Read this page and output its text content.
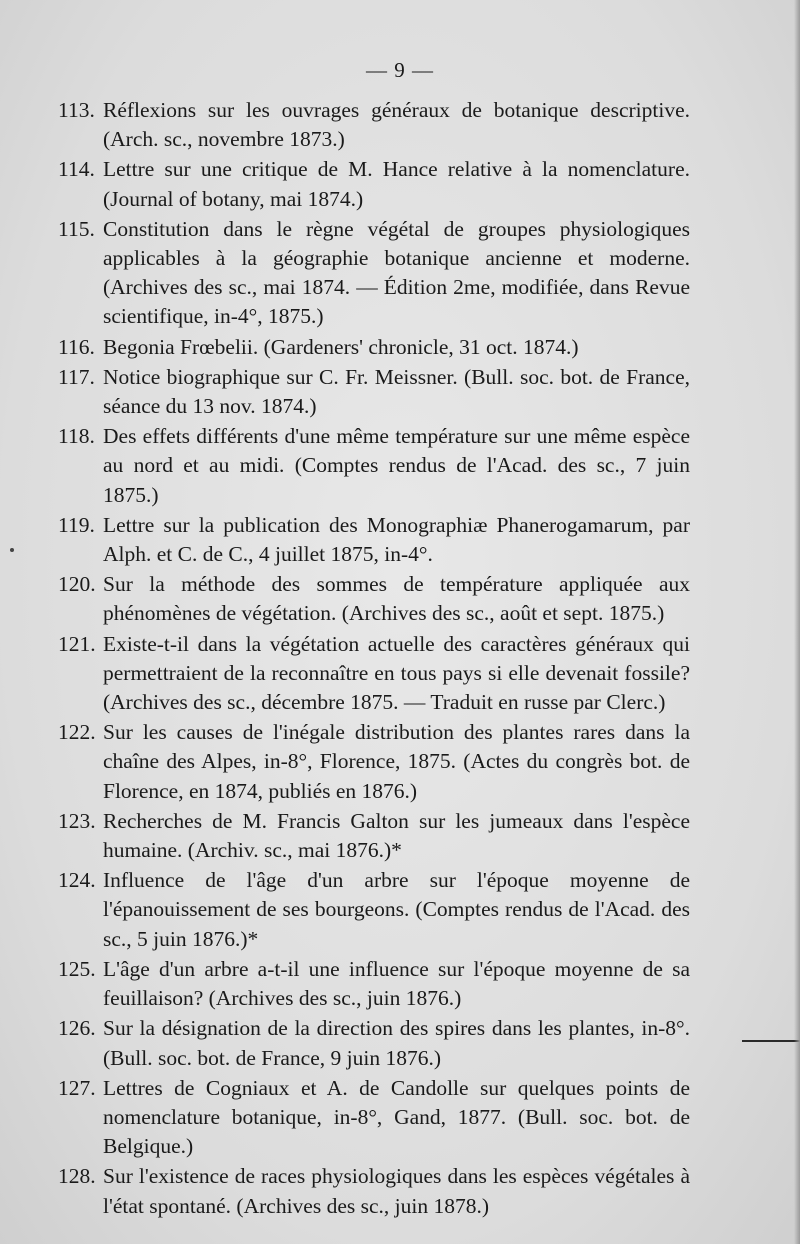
— 9 —
113. Réflexions sur les ouvrages généraux de botanique descriptive. (Arch. sc., novembre 1873.)
114. Lettre sur une critique de M. Hance relative à la nomenclature. (Journal of botany, mai 1874.)
115. Constitution dans le règne végétal de groupes physiologiques applicables à la géographie botanique ancienne et moderne. (Archives des sc., mai 1874. — Édition 2me, modifiée, dans Revue scientifique, in-4°, 1875.)
116. Begonia Frœbelii. (Gardeners' chronicle, 31 oct. 1874.)
117. Notice biographique sur C. Fr. Meissner. (Bull. soc. bot. de France, séance du 13 nov. 1874.)
118. Des effets différents d'une même température sur une même espèce au nord et au midi. (Comptes rendus de l'Acad. des sc., 7 juin 1875.)
119. Lettre sur la publication des Monographiæ Phanerogamarum, par Alph. et C. de C., 4 juillet 1875, in-4°.
120. Sur la méthode des sommes de température appliquée aux phénomènes de végétation. (Archives des sc., août et sept. 1875.)
121. Existe-t-il dans la végétation actuelle des caractères généraux qui permettraient de la reconnaître en tous pays si elle devenait fossile? (Archives des sc., décembre 1875. — Traduit en russe par Clerc.)
122. Sur les causes de l'inégale distribution des plantes rares dans la chaîne des Alpes, in-8°, Florence, 1875. (Actes du congrès bot. de Florence, en 1874, publiés en 1876.)
123. Recherches de M. Francis Galton sur les jumeaux dans l'espèce humaine. (Archiv. sc., mai 1876.)*
124. Influence de l'âge d'un arbre sur l'époque moyenne de l'épanouissement de ses bourgeons. (Comptes rendus de l'Acad. des sc., 5 juin 1876.)*
125. L'âge d'un arbre a-t-il une influence sur l'époque moyenne de sa feuillaison? (Archives des sc., juin 1876.)
126. Sur la désignation de la direction des spires dans les plantes, in-8°. (Bull. soc. bot. de France, 9 juin 1876.)
127. Lettres de Cogniaux et A. de Candolle sur quelques points de nomenclature botanique, in-8°, Gand, 1877. (Bull. soc. bot. de Belgique.)
128. Sur l'existence de races physiologiques dans les espèces végétales à l'état spontané. (Archives des sc., juin 1878.)
